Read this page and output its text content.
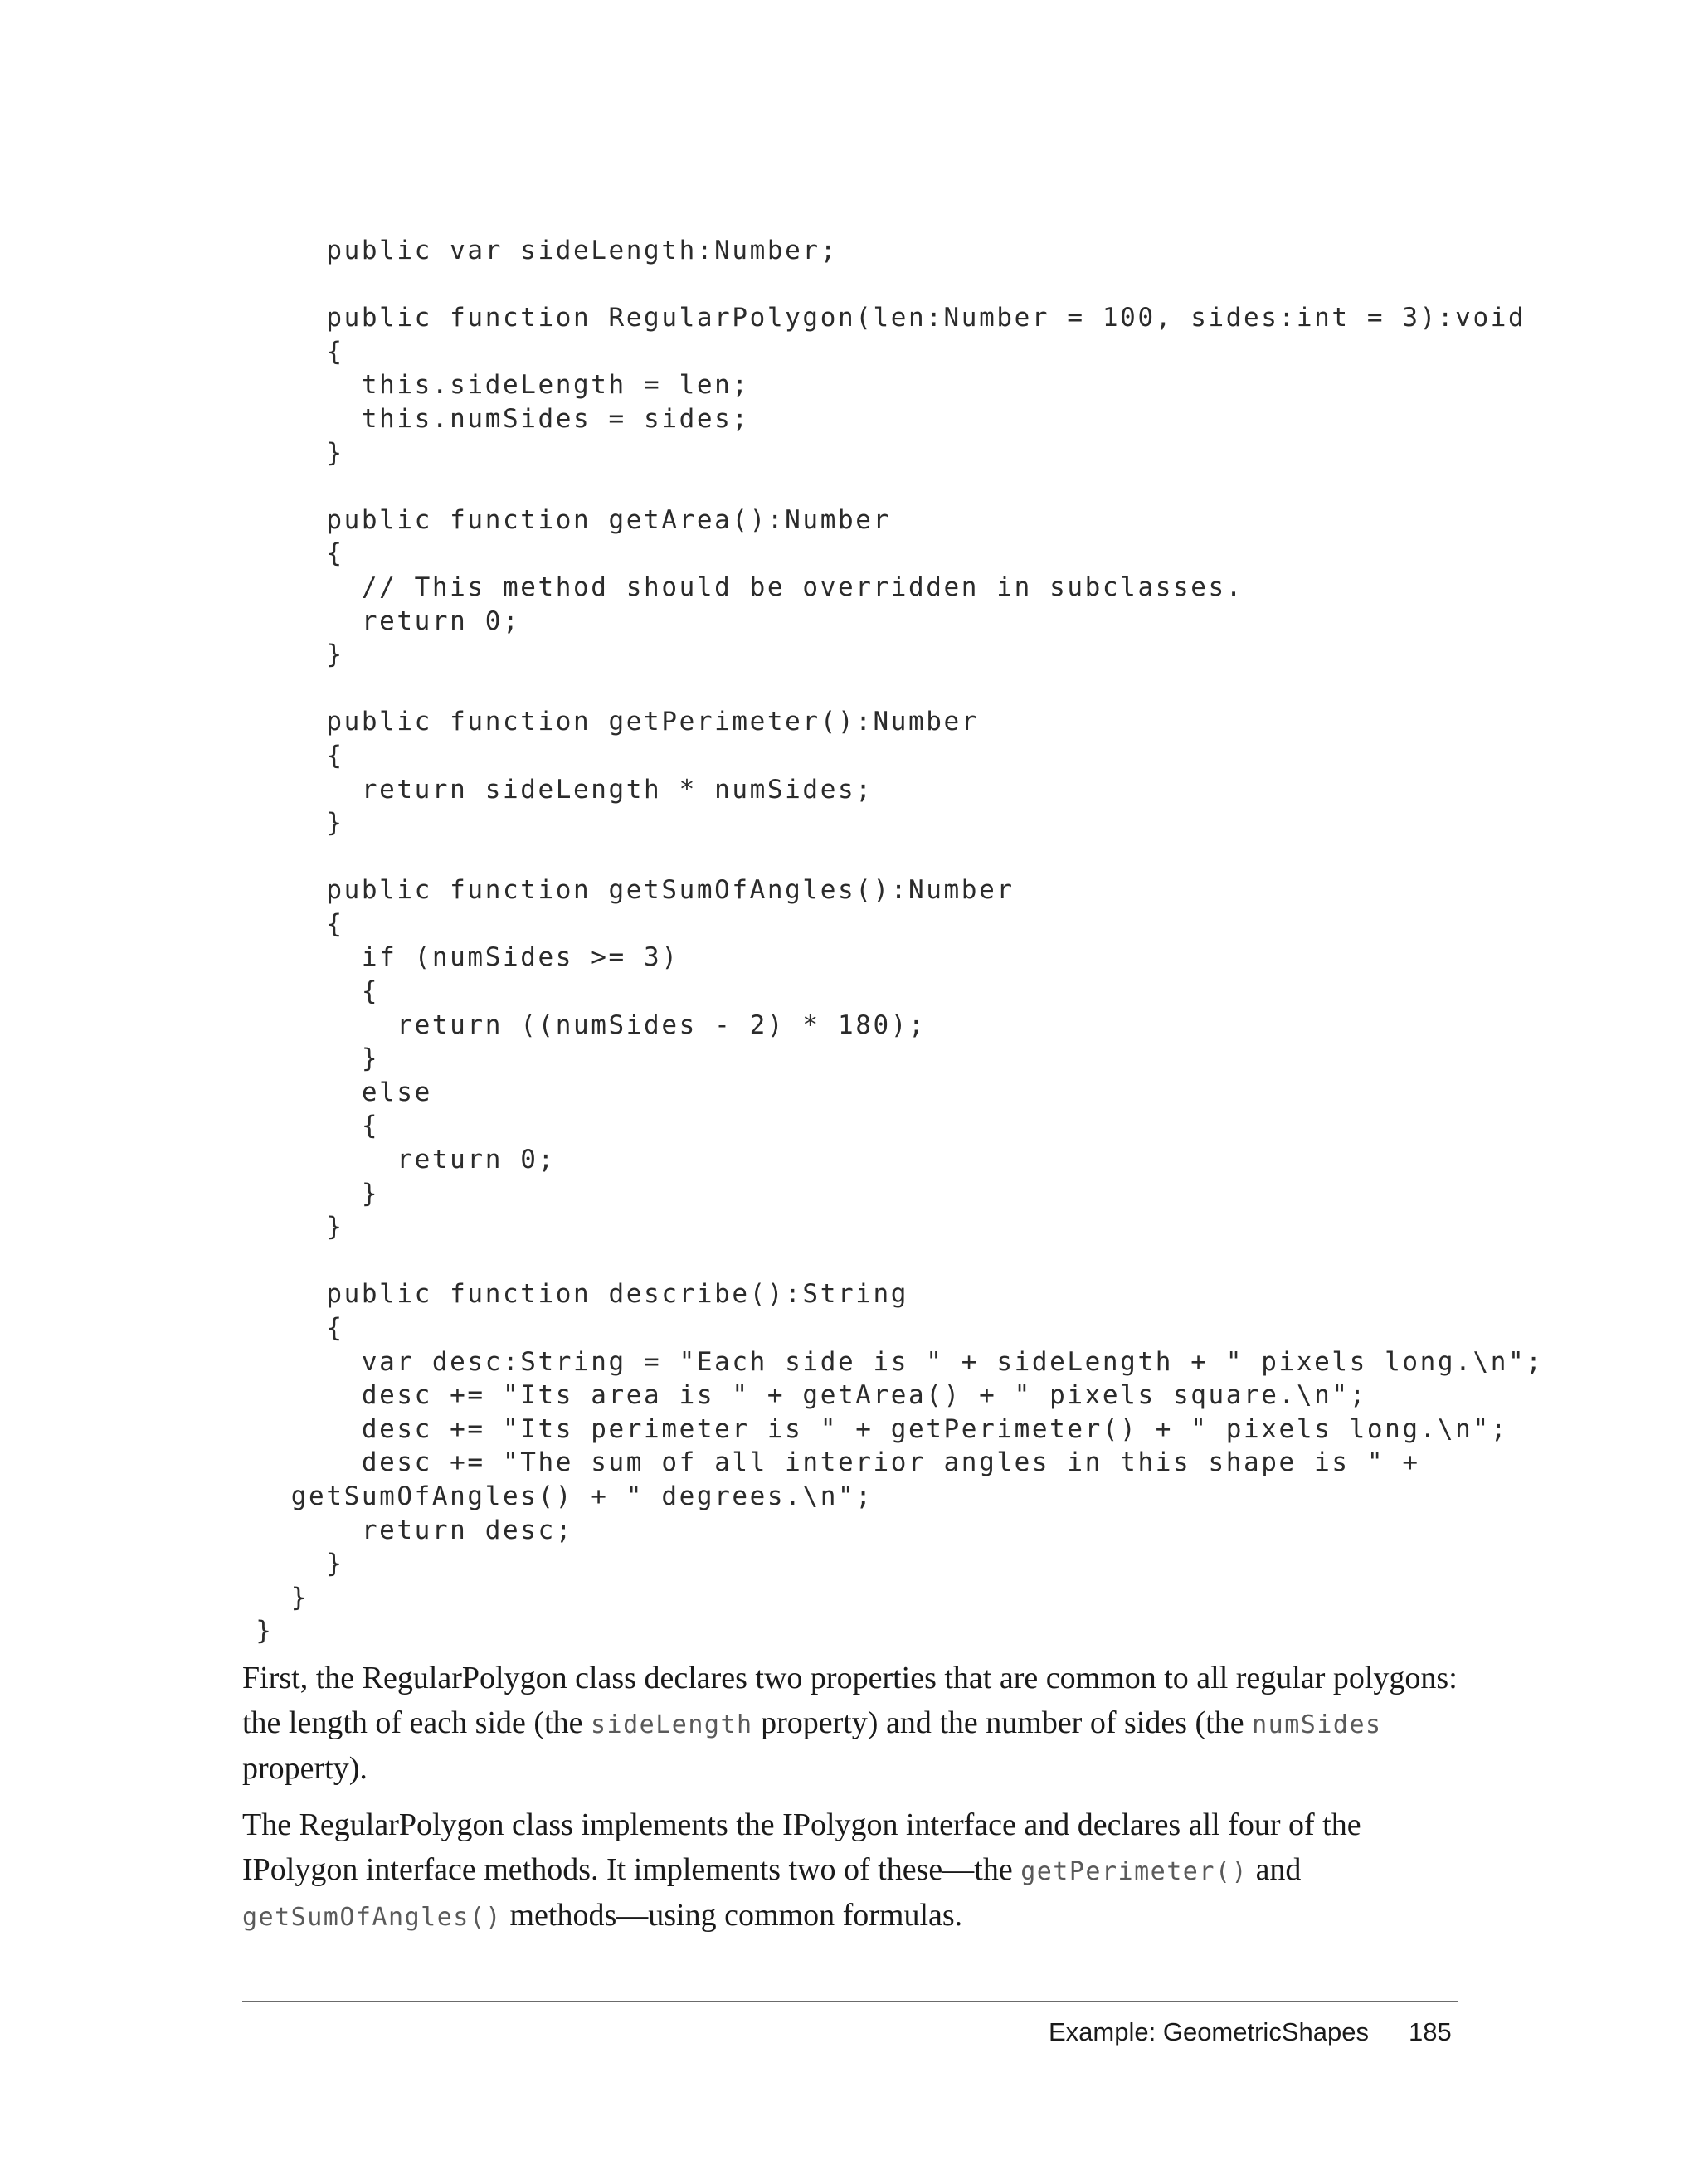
public var sideLength:Number;
public function RegularPolygon(len:Number = 100, sides:int = 3):void
{
this.sideLength = len;
this.numSides = sides;
}
public function getArea():Number
{
// This method should be overridden in subclasses.
return 0;
}
public function getPerimeter():Number
{
return sideLength * numSides;
}
public function getSumOfAngles():Number
{
if (numSides >= 3)
{
return ((numSides - 2) * 180);
}
else
{
return 0;
}
}
public function describe():String
{
var desc:String = "Each side is " + sideLength + " pixels long.\n";
desc += "Its area is " + getArea() + " pixels square.\n";
desc += "Its perimeter is " + getPerimeter() + " pixels long.\n";
desc += "The sum of all interior angles in this shape is " +
getSumOfAngles() + " degrees.\n";
return desc;
}
}
}

First, the RegularPolygon class declares two properties that are common to all regular polygons: the length of each side (the sideLength property) and the number of sides (the numSides property).

The RegularPolygon class implements the IPolygon interface and declares all four of the IPolygon interface methods. It implements two of these—the getPerimeter() and getSumOfAngles() methods—using common formulas.

Example: GeometricShapes 185
